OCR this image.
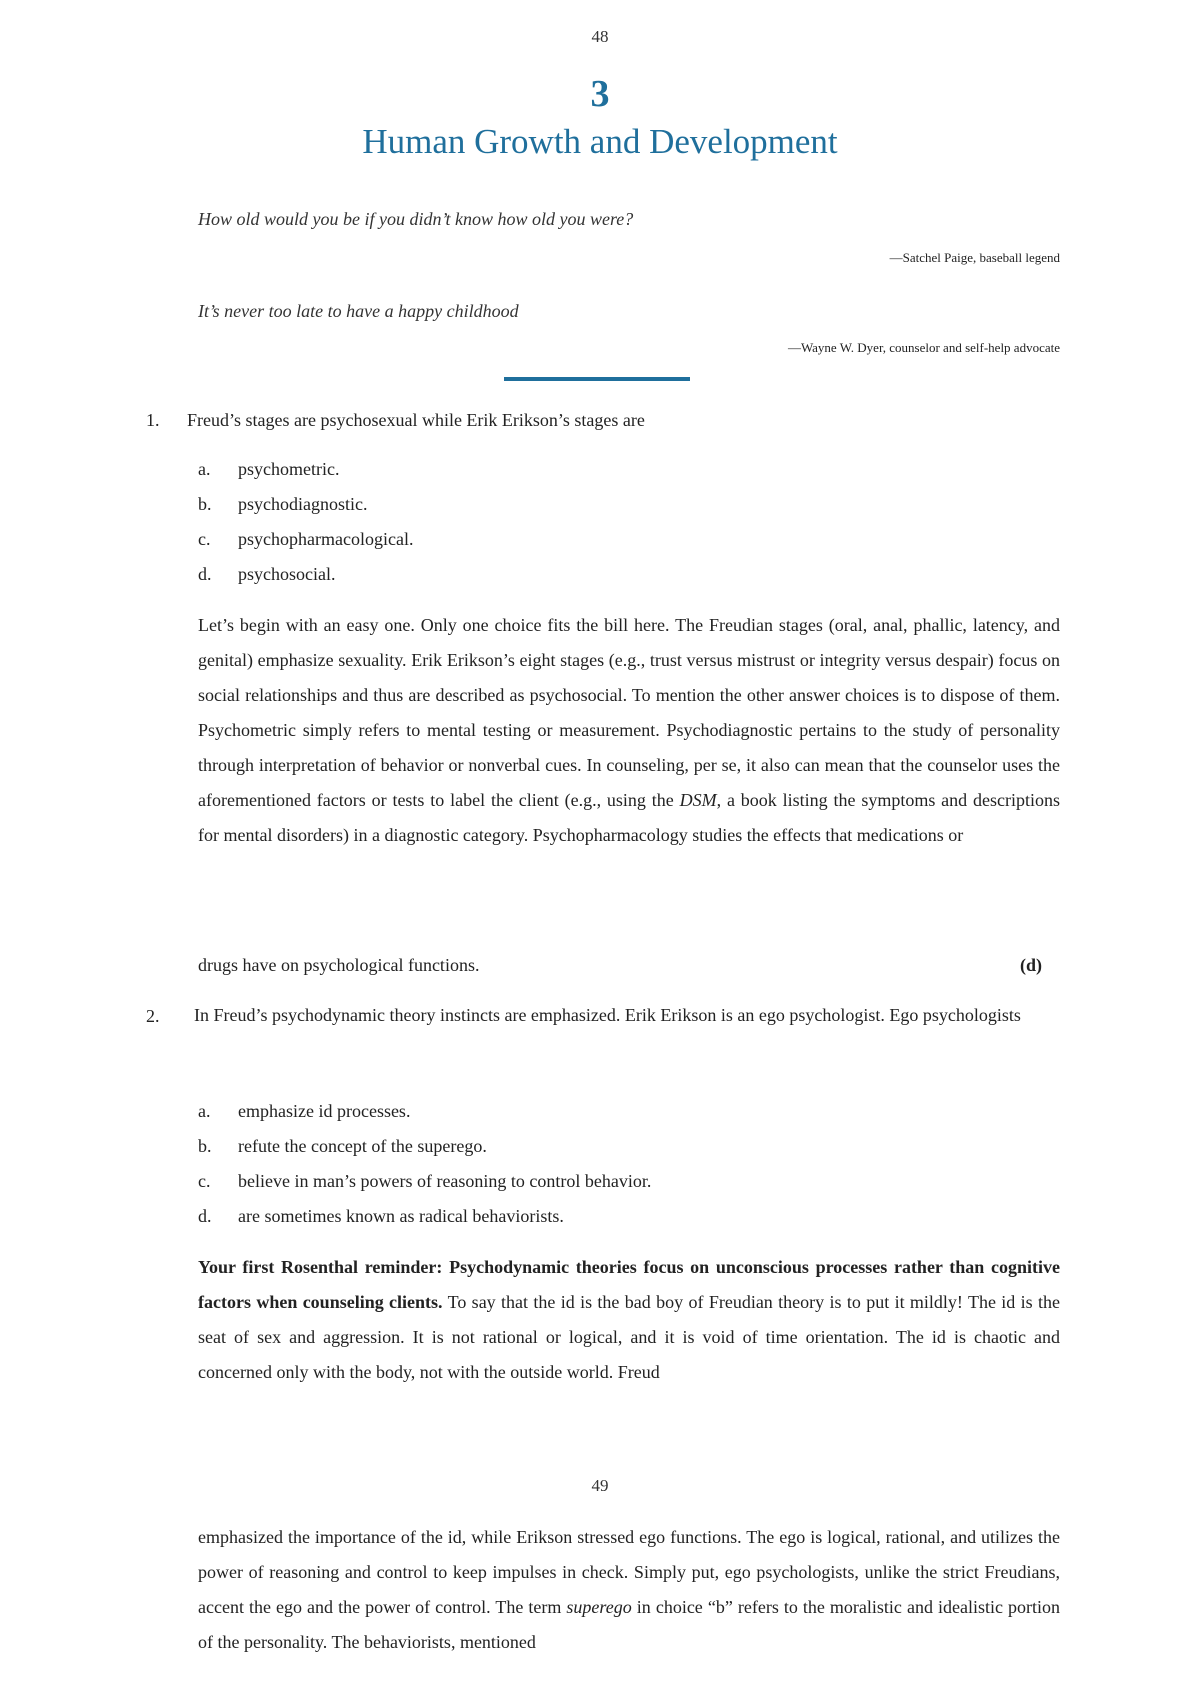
48
3
Human Growth and Development
How old would you be if you didn’t know how old you were?
—Satchel Paige, baseball legend
It’s never too late to have a happy childhood
—Wayne W. Dyer, counselor and self-help advocate
1. Freud’s stages are psychosexual while Erik Erikson’s stages are
a. psychometric.
b. psychodiagnostic.
c. psychopharmacological.
d. psychosocial.
Let’s begin with an easy one. Only one choice fits the bill here. The Freudian stages (oral, anal, phallic, latency, and genital) emphasize sexuality. Erik Erikson’s eight stages (e.g., trust versus mistrust or integrity versus despair) focus on social relationships and thus are described as psychosocial. To mention the other answer choices is to dispose of them. Psychometric simply refers to mental testing or measurement. Psychodiagnostic pertains to the study of personality through interpretation of behavior or nonverbal cues. In counseling, per se, it also can mean that the counselor uses the aforementioned factors or tests to label the client (e.g., using the DSM, a book listing the symptoms and descriptions for mental disorders) in a diagnostic category. Psychopharmacology studies the effects that medications or
drugs have on psychological functions.	(d)
2. In Freud’s psychodynamic theory instincts are emphasized. Erik Erikson is an ego psychologist. Ego psychologists
a. emphasize id processes.
b. refute the concept of the superego.
c. believe in man’s powers of reasoning to control behavior.
d. are sometimes known as radical behaviorists.
Your first Rosenthal reminder: Psychodynamic theories focus on unconscious processes rather than cognitive factors when counseling clients. To say that the id is the bad boy of Freudian theory is to put it mildly! The id is the seat of sex and aggression. It is not rational or logical, and it is void of time orientation. The id is chaotic and concerned only with the body, not with the outside world. Freud
49
emphasized the importance of the id, while Erikson stressed ego functions. The ego is logical, rational, and utilizes the power of reasoning and control to keep impulses in check. Simply put, ego psychologists, unlike the strict Freudians, accent the ego and the power of control. The term superego in choice “b” refers to the moralistic and idealistic portion of the personality. The behaviorists, mentioned
